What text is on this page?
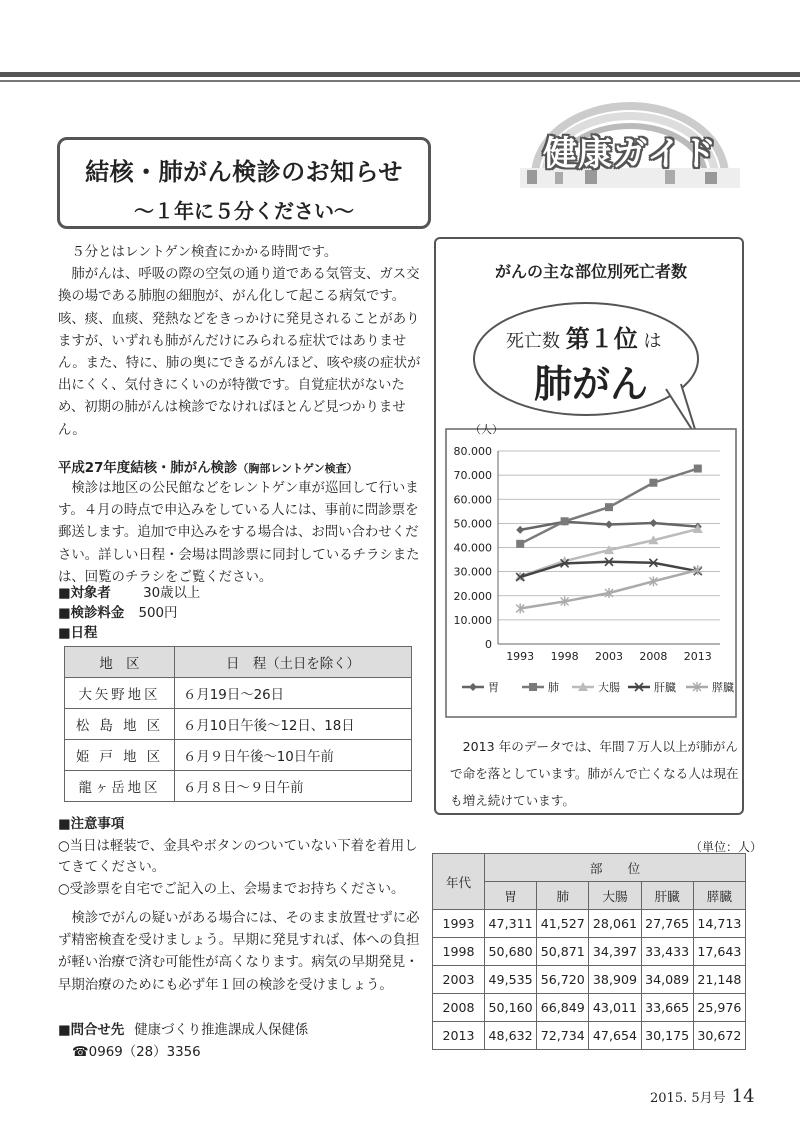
結核・肺がん検診のお知らせ
～１年に５分ください～
健康ガイド

５分とはレントゲン検査にかかる時間です。

肺がんは、呼吸の際の空気の通り道である気管支、ガス交換の場である肺胞の細胞が、がん化して起こる病気です。咳、痰、血痰、発熱などをきっかけに発見されることがありますが、いずれも肺がんだけにみられる症状ではありません。また、特に、肺の奥にできるがんほど、咳や痰の症状が出にくく、気付きにくいのが特徴です。自覚症状がないため、初期の肺がんは検診でなければほとんど見つかりません。

平成27年度結核・肺がん検診（胸部レントゲン検査）

検診は地区の公民館などをレントゲン車が巡回して行います。４月の時点で申込みをしている人には、事前に問診票を郵送します。追加で申込みをする場合は、お問い合わせください。詳しい日程・会場は問診票に同封しているチラシまたは、回覧のチラシをご覧ください。

■対象者 30歳以上
■検診料金 500円
■日程
地　区	日　程（土日を除く）
大矢野地区	６月19日～26日
松 島 地 区	６月10日午後～12日、18日
姫 戸 地 区	６月９日午後～10日午前
龍ヶ岳地区	６月８日～９日午前
■注意事項
○当日は軽装で、金具やボタンのついていない下着を着用してきてください。
○受診票を自宅でご記入の上、会場までお持ちください。

検診でがんの疑いがある場合には、そのまま放置せずに必ず精密検査を受けましょう。早期に発見すれば、体への負担が軽い治療で済む可能性が高くなります。病気の早期発見・早期治療のためにも必ず年１回の検診を受けましょう。

■問合せ先 健康づくり推進課成人保健係
☎0969（28）3356
がんの主な部位別死亡者数
死亡数 第１位 は
肺がん
（人）
0
10.000
20.000
30.000
40.000
50.000
60.000
70.000
80.000
1993 1998 2003 2008 2013
胃	肺	大腸	肝臓	膵臓

2013 年のデータでは、年間７万人以上が肺がんで命を落としています。肺がんで亡くなる人は現在も増え続けています。

（単位：人）
年代	部　　位				
	胃	肺	大腸	肝臓	膵臓
1993	47,311	41,527	28,061	27,765	14,713
1998	50,680	50,871	34,397	33,433	17,643
2003	49,535	56,720	38,909	34,089	21,148
2008	50,160	66,849	43,011	33,665	25,976
2013	48,632	72,734	47,654	30,175	30,672
2015. 5月号 14
